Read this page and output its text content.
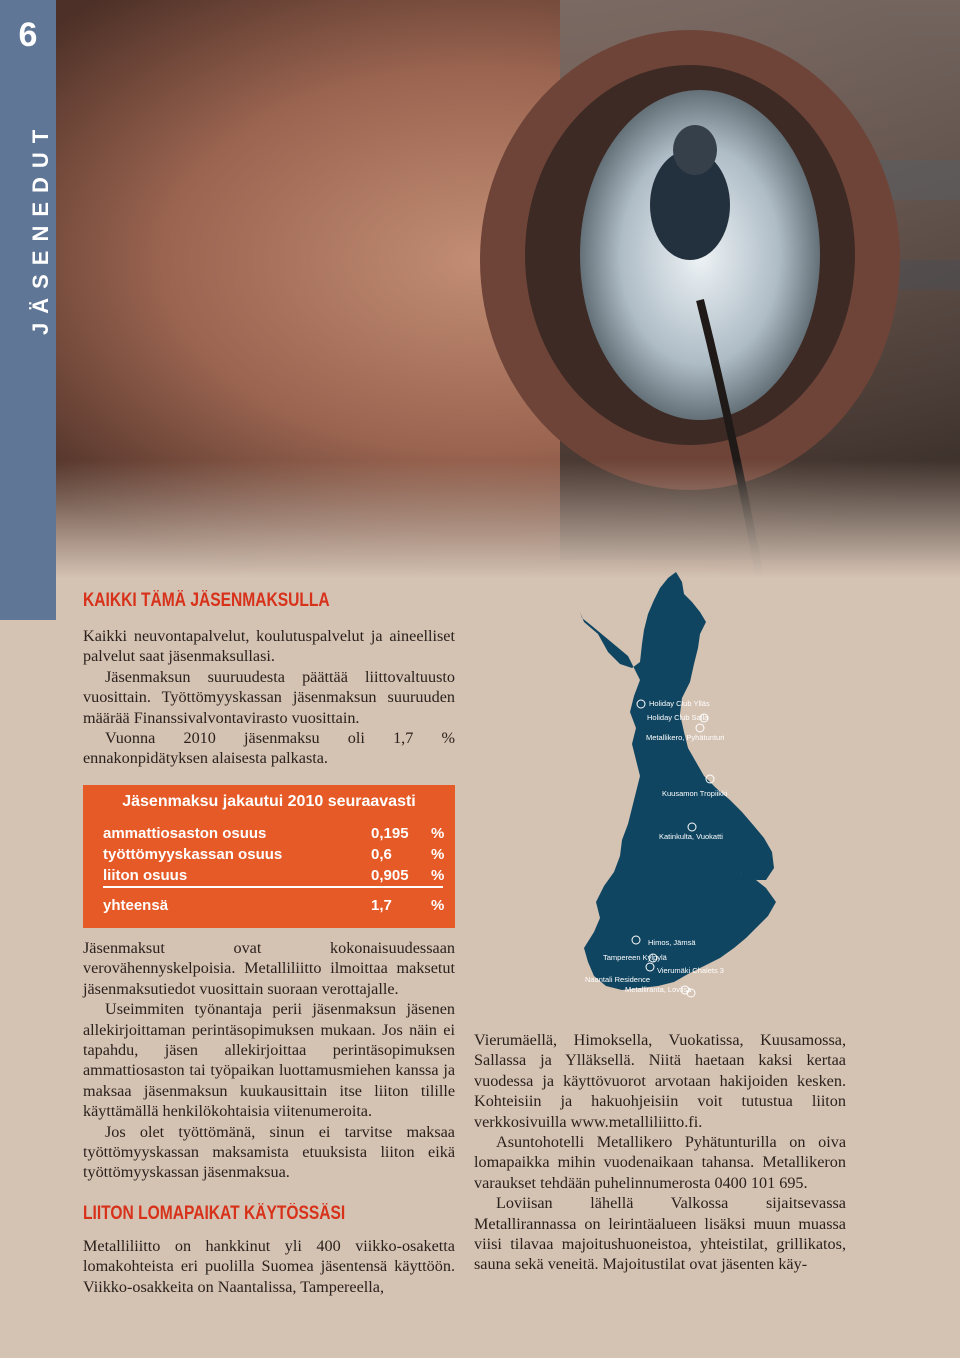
6
JÄSENEDUT
KAIKKI TÄMÄ JÄSENMAKSULLA

Kaikki neuvontapalvelut, koulutuspalvelut ja aineelliset palvelut saat jäsenmaksullasi.

Jäsenmaksun suuruudesta päättää liittovaltuusto vuosittain. Työttömyyskassan jäsenmaksun suuruuden määrää Finanssivalvontavirasto vuosittain.

Vuonna 2010 jäsenmaksu oli 1,7 % ennakonpidätyksen alaisesta palkasta.

Jäsenmaksu jakautui 2010 seuraavasti
ammattiosaston osuus	0,195 %
työttömyyskassan osuus	0,6	%
liiton osuus	0,905 %
yhteensä	1,7	%

Jäsenmaksut ovat kokonaisuudessaan verovähennyskelpoisia. Metalliliitto ilmoittaa maksetut jäsenmaksutiedot vuosittain suoraan verottajalle.

Useimmiten työnantaja perii jäsenmaksun jäsenen allekirjoittaman perintäsopimuksen mukaan. Jos näin ei tapahdu, jäsen allekirjoittaa perintäsopimuksen ammattiosaston tai työpaikan luottamusmiehen kanssa ja maksaa jäsenmaksun kuukausittain itse liiton tilille käyttämällä henkilökohtaisia viitenumeroita.

Jos olet työttömänä, sinun ei tarvitse maksaa työttömyyskassan maksamista etuuksista liiton eikä työttömyyskassan jäsenmaksua.

LIITON LOMAPAIKAT KÄYTÖSSÄSI

Metalliliitto on hankkinut yli 400 viikko-osaketta lomakohteista eri puolilla Suomea jäsentensä käyttöön. Viikko-osakkeita on Naantalissa, Tampereella,

Holiday Club Ylläs
Holiday Club Salla
Metallikero, Pyhätunturi
Kuusamon Tropiikki
Katinkulta, Vuokatti
Himos, Jämsä
Tampereen Kylpylä
Vierumäki Chalets 3
Naantali Residence
Metalliranta, Loviisa

Vierumäellä, Himoksella, Vuokatissa, Kuusamossa, Sallassa ja Ylläksellä. Niitä haetaan kaksi kertaa vuodessa ja käyttövuorot arvotaan hakijoiden kesken. Kohteisiin ja hakuohjeisiin voit tutustua liiton verkkosivuilla www.metalliliitto.fi.

Asuntohotelli Metallikero Pyhätunturilla on oiva lomapaikka mihin vuodenaikaan tahansa. Metallikeron varaukset tehdään puhelinnumerosta 0400 101 695.

Loviisan lähellä Valkossa sijaitsevassa Metallirannassa on leirintäalueen lisäksi muun muassa viisi tilavaa majoitushuoneistoa, yhteistilat, grillikatos, sauna sekä veneitä. Majoitustilat ovat jäsenten käy-
